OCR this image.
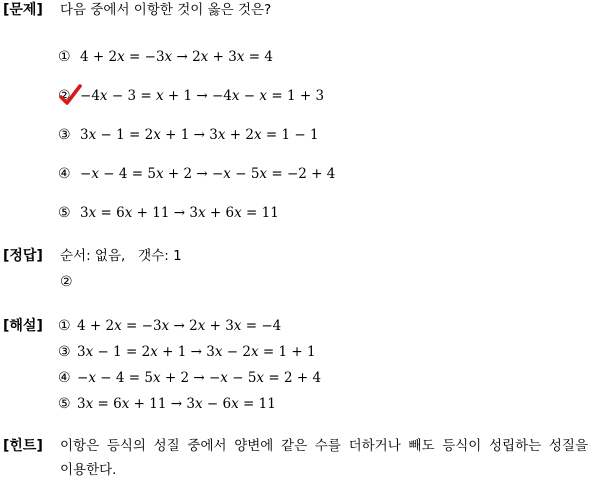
[문제] 다음 중에서 이항한 것이 옳은 것은?
① 4 + 2x = −3x → 2x + 3x = 4
② −4x − 3 = x + 1 → −4x − x = 1 + 3
③ 3x − 1 = 2x + 1 → 3x + 2x = 1 − 1
④ −x − 4 = 5x + 2 → −x − 5x = −2 + 4
⑤ 3x = 6x + 11 → 3x + 6x = 11
[정답] 순서: 없음,   갯수: 1
②
[해설] ① 4 + 2x = −3x → 2x + 3x = −4
③ 3x − 1 = 2x + 1 → 3x − 2x = 1 + 1
④ −x − 4 = 5x + 2 → −x − 5x = 2 + 4
⑤ 3x = 6x + 11 → 3x − 6x = 11
[힌트] 이항은 등식의 성질 중에서 양변에 같은 수를 더하거나 빼도 등식이 성립하는 성질을 이용한다.
